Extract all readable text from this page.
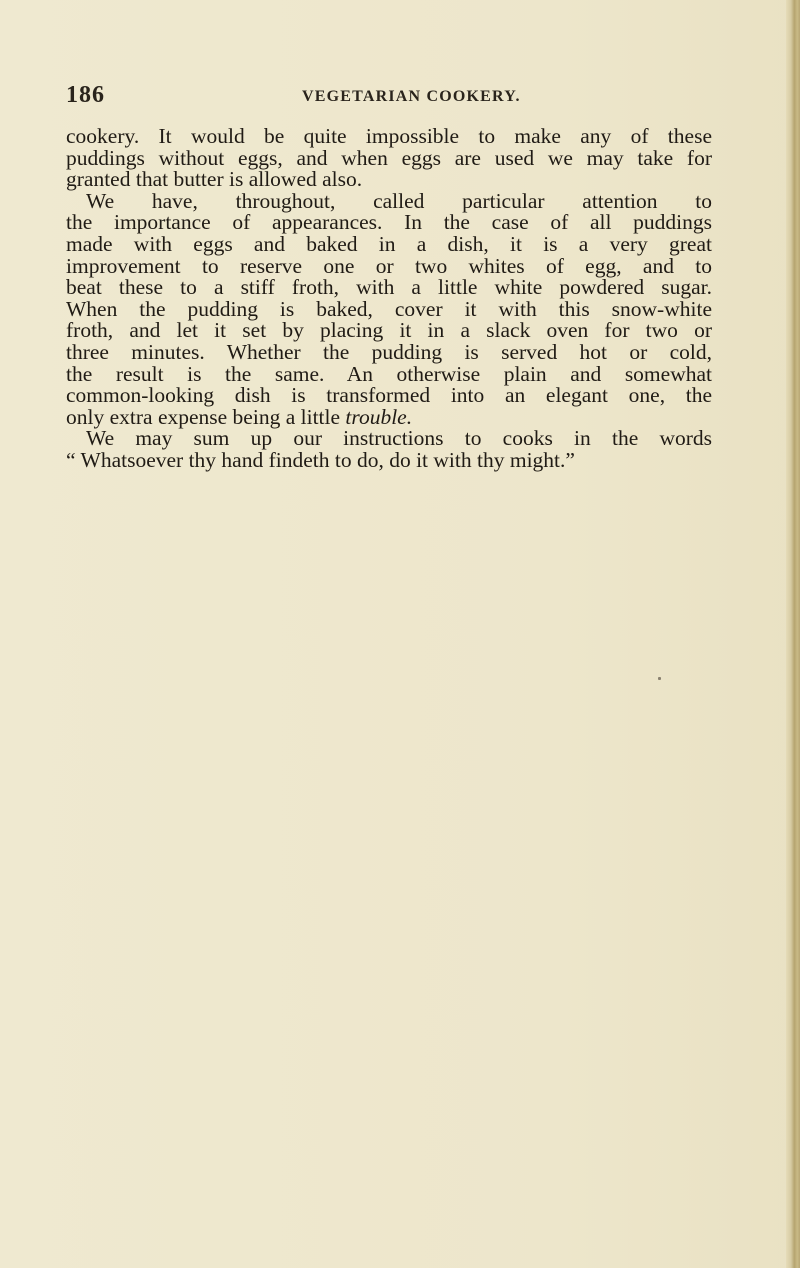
186	VEGETARIAN COOKERY.
cookery. It would be quite impossible to make any of these
puddings without eggs, and when eggs are used we may take for
granted that butter is allowed also.
We have, throughout, called particular attention to
the importance of appearances. In the case of all puddings
made with eggs and baked in a dish, it is a very great
improvement to reserve one or two whites of egg, and to
beat these to a stiff froth, with a little white powdered sugar.
When the pudding is baked, cover it with this snow-white
froth, and let it set by placing it in a slack oven for two or
three minutes. Whether the pudding is served hot or cold,
the result is the same. An otherwise plain and somewhat
common-looking dish is transformed into an elegant one, the
only extra expense being a little trouble.
We may sum up our instructions to cooks in the words
“ Whatsoever thy hand findeth to do, do it with thy might.”
